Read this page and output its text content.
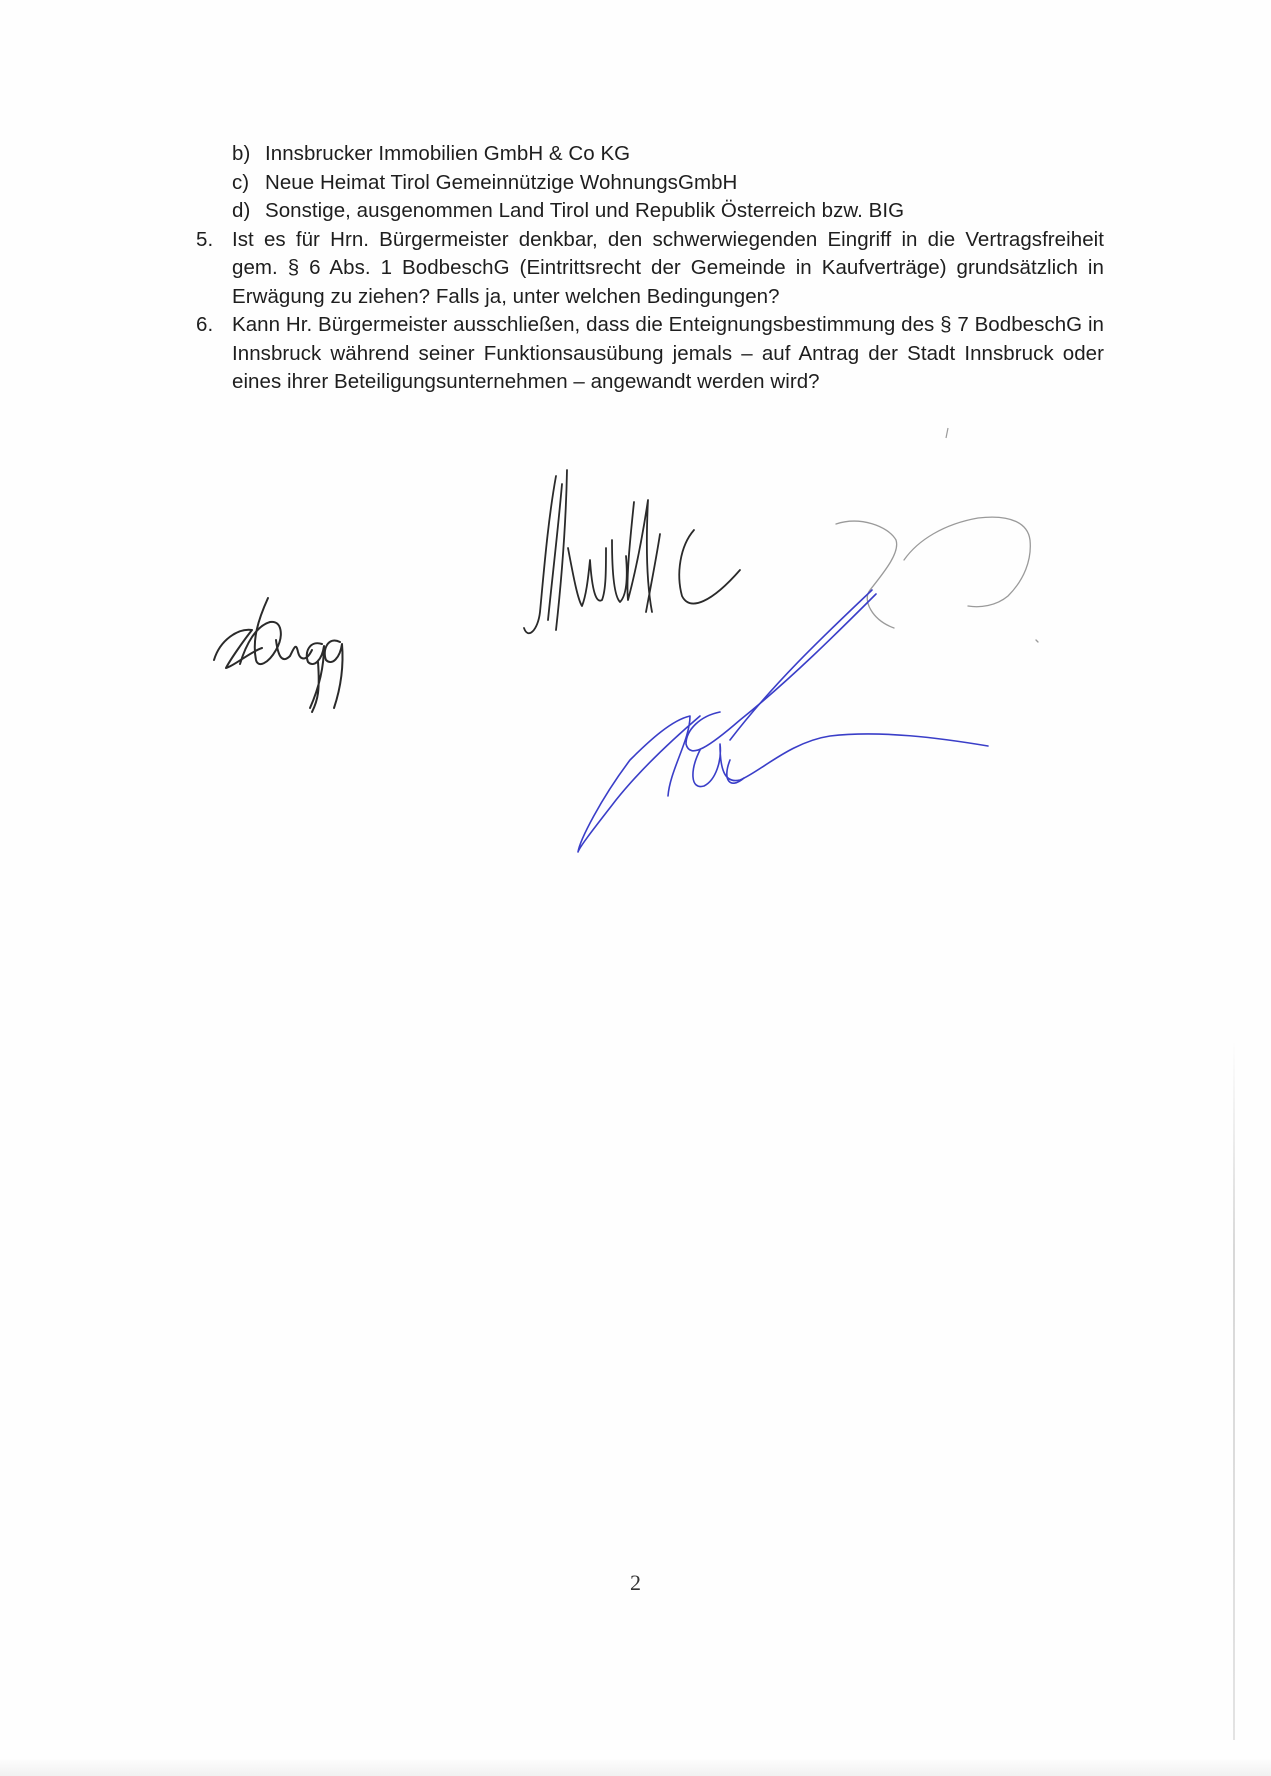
b) Innsbrucker Immobilien GmbH & Co KG
c) Neue Heimat Tirol Gemeinnützige WohnungsGmbH
d) Sonstige, ausgenommen Land Tirol und Republik Österreich bzw. BIG
5. Ist es für Hrn. Bürgermeister denkbar, den schwerwiegenden Eingriff in die Vertragsfreiheit gem. § 6 Abs. 1 BodbeschG (Eintrittsrecht der Gemeinde in Kaufverträge) grundsätzlich in Erwägung zu ziehen? Falls ja, unter welchen Bedingungen?
6. Kann Hr. Bürgermeister ausschließen, dass die Enteignungsbestimmung des § 7 BodbeschG in Innsbruck während seiner Funktionsausübung jemals – auf Antrag der Stadt Innsbruck oder eines ihrer Beteiligungsunternehmen – angewandt werden wird?
2
